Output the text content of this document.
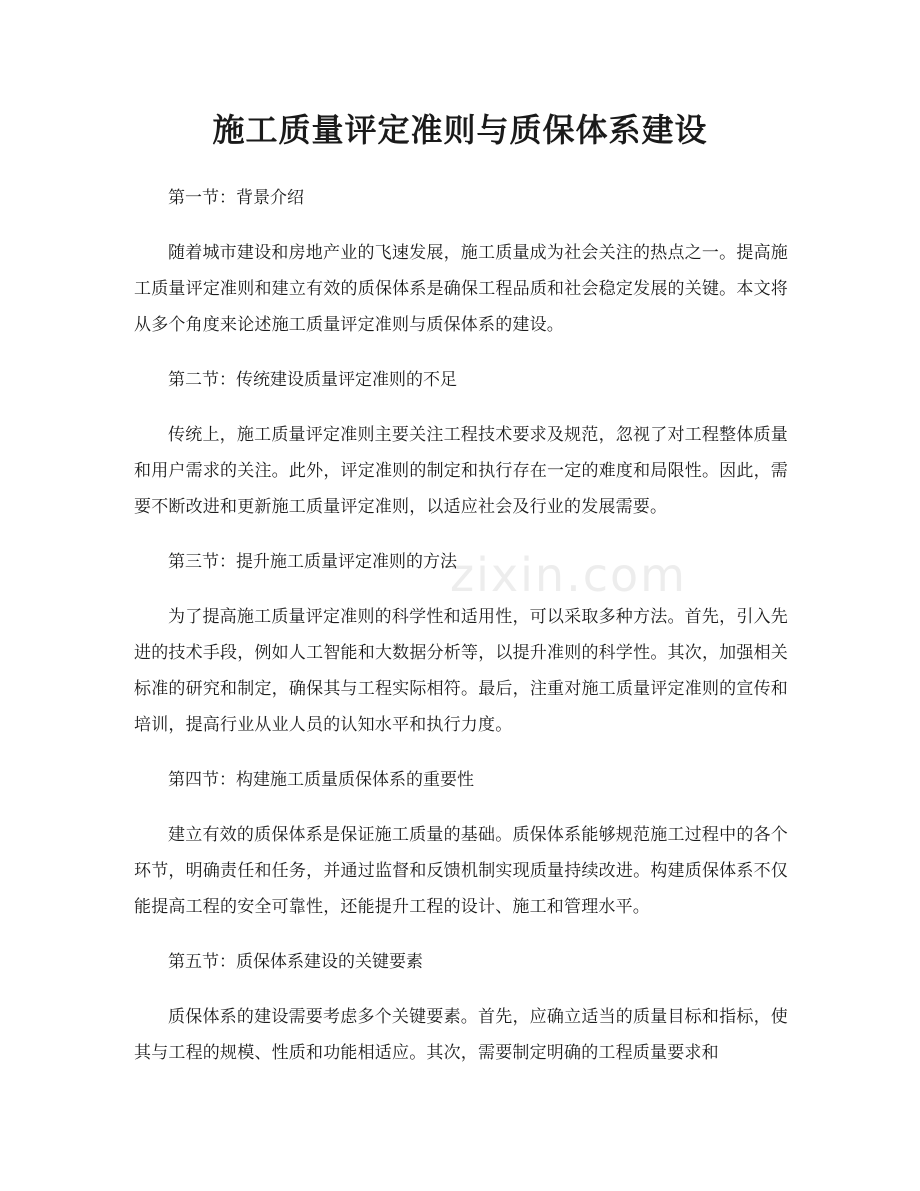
施工质量评定准则与质保体系建设
zixin.com

第一节：背景介绍

随着城市建设和房地产业的飞速发展，施工质量成为社会关注的热点之一。提高施工质量评定准则和建立有效的质保体系是确保工程品质和社会稳定发展的关键。本文将从多个角度来论述施工质量评定准则与质保体系的建设。

第二节：传统建设质量评定准则的不足

传统上，施工质量评定准则主要关注工程技术要求及规范，忽视了对工程整体质量和用户需求的关注。此外，评定准则的制定和执行存在一定的难度和局限性。因此，需要不断改进和更新施工质量评定准则，以适应社会及行业的发展需要。

第三节：提升施工质量评定准则的方法

为了提高施工质量评定准则的科学性和适用性，可以采取多种方法。首先，引入先进的技术手段，例如人工智能和大数据分析等，以提升准则的科学性。其次，加强相关标准的研究和制定，确保其与工程实际相符。最后，注重对施工质量评定准则的宣传和培训，提高行业从业人员的认知水平和执行力度。

第四节：构建施工质量质保体系的重要性

建立有效的质保体系是保证施工质量的基础。质保体系能够规范施工过程中的各个环节，明确责任和任务，并通过监督和反馈机制实现质量持续改进。构建质保体系不仅能提高工程的安全可靠性，还能提升工程的设计、施工和管理水平。

第五节：质保体系建设的关键要素

质保体系的建设需要考虑多个关键要素。首先，应确立适当的质量目标和指标，使其与工程的规模、性质和功能相适应。其次，需要制定明确的工程质量要求和
